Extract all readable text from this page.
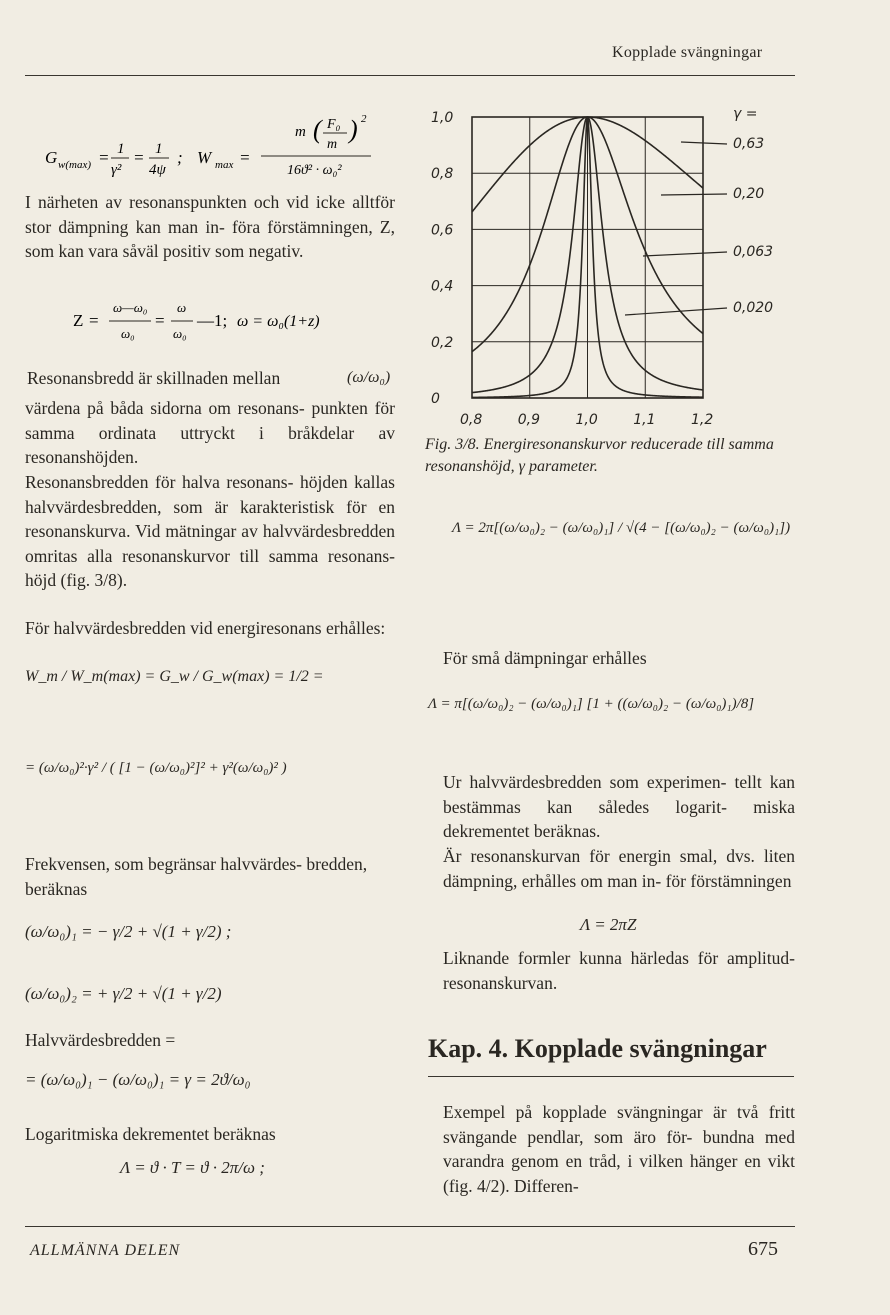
Kopplade svängningar
G w(max) = 1
γ²
= 1
4ψ
; W max =
m ( F₀
m
) 2
16ϑ² · ω₀²
I närheten av resonanspunkten och vid icke alltför stor dämpning kan man in- föra förstämningen, Z, som kan vara såväl positiv som negativ.
Z =
ω—ω₀
ω₀
=
ω
ω₀
—1; ω = ω₀(1+z)
Resonansbredd är skillnaden mellan	(ω/ω₀)
värdena på båda sidorna om resonans- punkten för samma ordinata uttryckt i bråkdelar av resonanshöjden.
Resonansbredden för halva resonans- höjden kallas halvvärdesbredden, som är karakteristisk för en resonanskurva. Vid mätningar av halvvärdesbredden omritas alla resonanskurvor till samma resonans- höjd (fig. 3/8).
För halvvärdesbredden vid energiresonans erhålles:
W_m / W_m(max) = G_w / G_w(max) = 1/2 =
= (ω/ω₀)²·γ² / ( [1 − (ω/ω₀)²]² + γ²(ω/ω₀)² )
Frekvensen, som begränsar halvvärdes- bredden, beräknas
(ω/ω₀)₁ = − γ/2 + √(1 + γ/2) ;
(ω/ω₀)₂ = + γ/2 + √(1 + γ/2)
Halvvärdesbredden =
= (ω/ω₀)₁ − (ω/ω₀)₁ = γ = 2ϑ/ω₀
Logaritmiska dekrementet beräknas
Λ = ϑ · T = ϑ · 2π/ω ;
1,0
0,8
0,6
0,4
0,2
0
0,8	0,9	1,0	1,1	1,2
γ =
0,63
0,20
0,063
0,020
Fig. 3/8. Energiresonanskurvor reducerade till samma resonanshöjd, γ parameter.
Λ = 2π[(ω/ω₀)₂ − (ω/ω₀)₁] / √(4 − [(ω/ω₀)₂ − (ω/ω₀)₁])
För små dämpningar erhålles
Λ = π[(ω/ω₀)₂ − (ω/ω₀)₁] [1 + ((ω/ω₀)₂ − (ω/ω₀)₁)/8]
Ur halvvärdesbredden som experimen- tellt kan bestämmas kan således logarit- miska dekrementet beräknas.
Är resonanskurvan för energin smal, dvs. liten dämpning, erhålles om man in- för förstämningen
Λ = 2πZ
Liknande formler kunna härledas för amplitud-resonanskurvan.
Kap. 4. Kopplade svängningar
Exempel på kopplade svängningar är två fritt svängande pendlar, som äro för- bundna med varandra genom en tråd, i vilken hänger en vikt (fig. 4/2). Differen-
ALLMÄNNA DELEN	675
